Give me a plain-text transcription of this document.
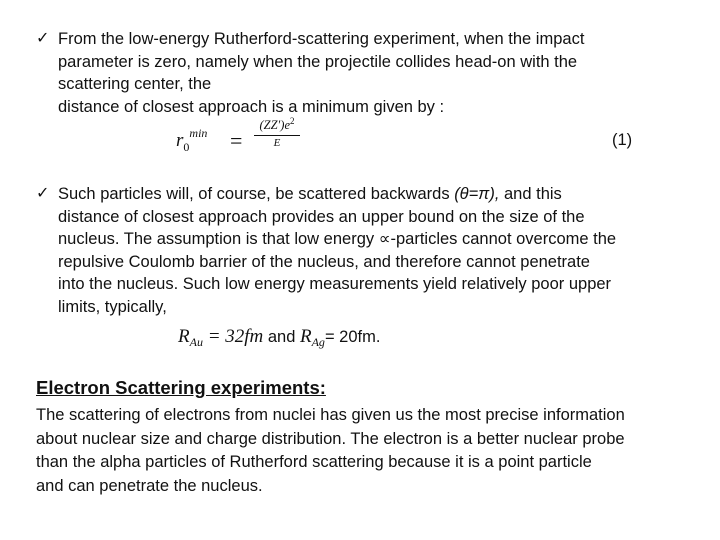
✓ From the low-energy Rutherford-scattering experiment, when the impact
parameter is zero, namely when the projectile collides head-on with the
scattering center, the
distance of closest approach is a minimum given by :
$r_0^{min}$ =
$(ZZ')e^2$
E	(1)
✓ Such particles will, of course, be scattered backwards (θ=π), and this
distance of closest approach provides an upper bound on the size of the
nucleus. The assumption is that low energy ∝-particles cannot overcome the
repulsive Coulomb barrier of the nucleus, and therefore cannot penetrate
into the nucleus. Such low energy measurements yield relatively poor upper
limits, typically,
$R_{Au} = 32fm$ and $R_{Ag}= 20fm$.
Electron Scattering experiments:
The scattering of electrons from nuclei has given us the most precise information
about nuclear size and charge distribution. The electron is a better nuclear probe
than the alpha particles of Rutherford scattering because it is a point particle
and can penetrate the nucleus.
